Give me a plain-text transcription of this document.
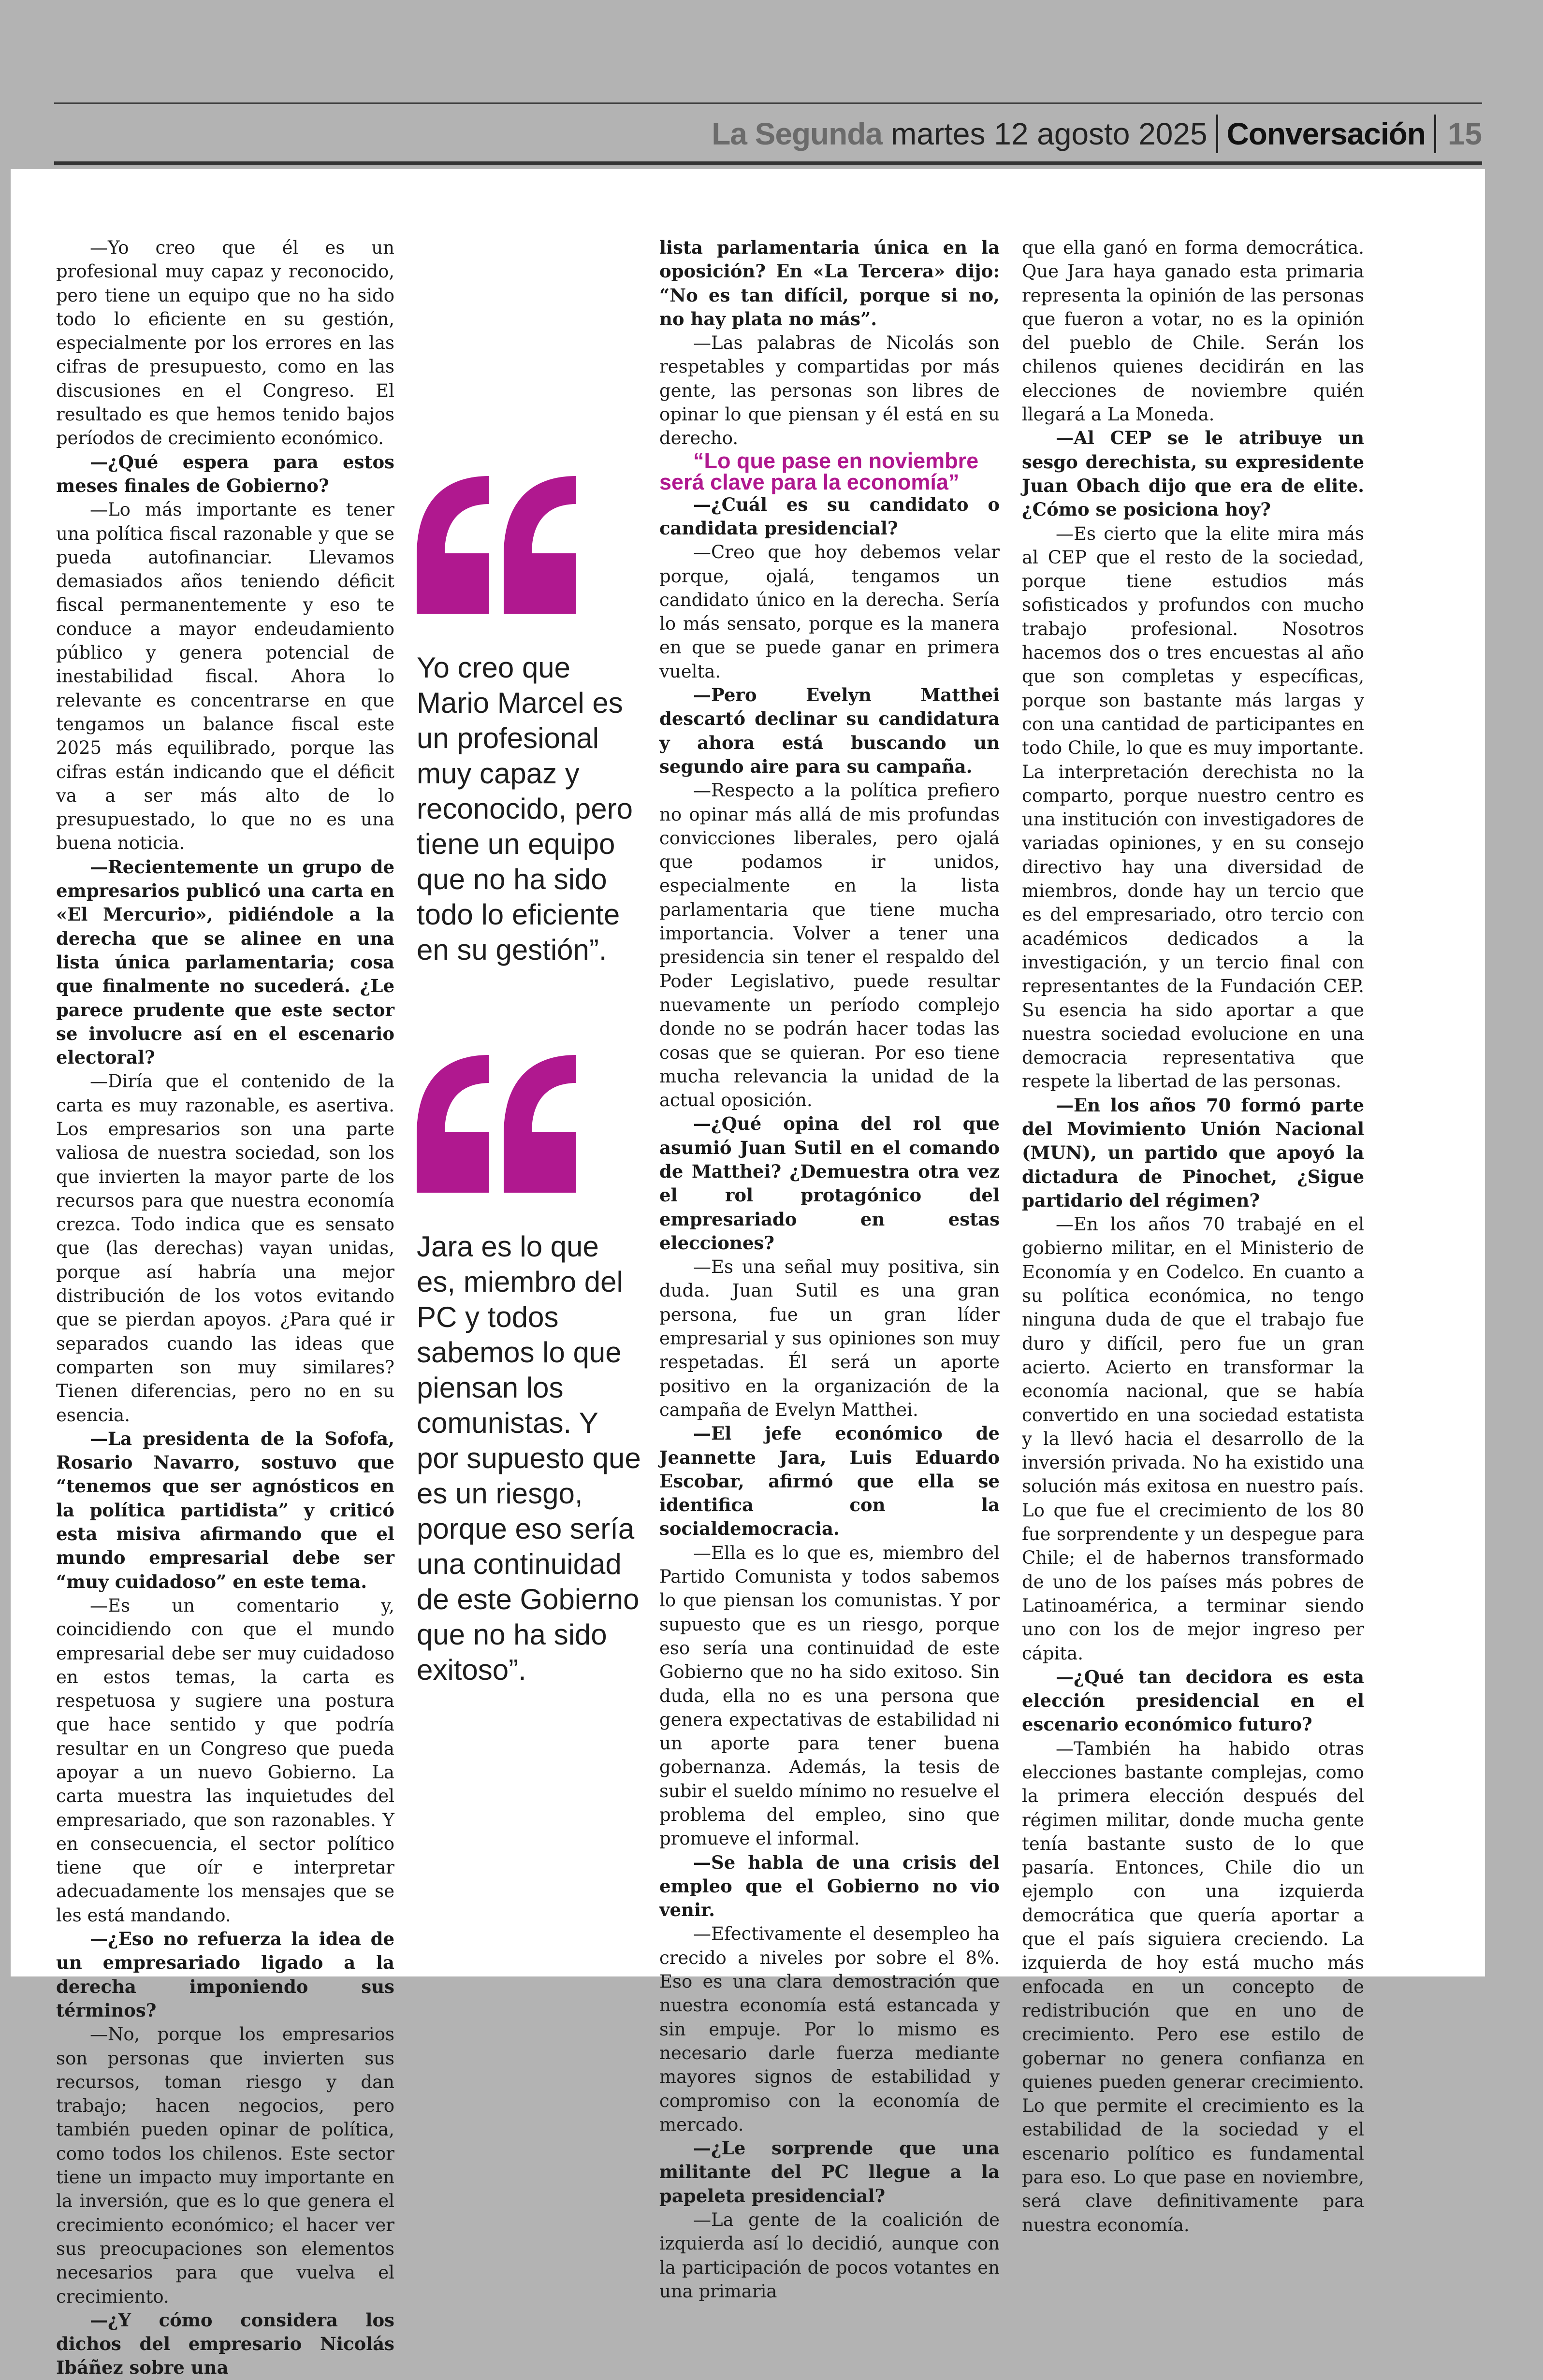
La Segunda martes 12 agosto 2025 Conversación 15

—Yo creo que él es un profesional muy capaz y reconocido, pero tiene un equipo que no ha sido todo lo eficiente en su gestión, especialmente por los errores en las cifras de presupuesto, como en las discusiones en el Congreso. El resultado es que hemos tenido bajos períodos de crecimiento económico.

—¿Qué espera para estos meses finales de Gobierno?

—Lo más importante es tener una política fiscal razonable y que se pueda autofinanciar. Llevamos demasiados años teniendo déficit fiscal permanentemente y eso te conduce a mayor endeudamiento público y genera potencial de inestabilidad fiscal. Ahora lo relevante es concentrarse en que tengamos un balance fiscal este 2025 más equilibrado, porque las cifras están indicando que el déficit va a ser más alto de lo presupuestado, lo que no es una buena noticia.

—Recientemente un grupo de empresarios publicó una carta en «El Mercurio», pidiéndole a la derecha que se alinee en una lista única parlamentaria; cosa que finalmente no sucederá. ¿Le parece prudente que este sector se involucre así en el escenario electoral?

—Diría que el contenido de la carta es muy razonable, es asertiva. Los empresarios son una parte valiosa de nuestra sociedad, son los que invierten la mayor parte de los recursos para que nuestra economía crezca. Todo indica que es sensato que (las derechas) vayan unidas, porque así habría una mejor distribución de los votos evitando que se pierdan apoyos. ¿Para qué ir separados cuando las ideas que comparten son muy similares? Tienen diferencias, pero no en su esencia.

—La presidenta de la Sofofa, Rosario Navarro, sostuvo que “tenemos que ser agnósticos en la política partidista” y criticó esta misiva afirmando que el mundo empresarial debe ser “muy cuidadoso” en este tema.

—Es un comentario y, coincidiendo con que el mundo empresarial debe ser muy cuidadoso en estos temas, la carta es respetuosa y sugiere una postura que hace sentido y que podría resultar en un Congreso que pueda apoyar a un nuevo Gobierno. La carta muestra las inquietudes del empresariado, que son razonables. Y en consecuencia, el sector político tiene que oír e interpretar adecuadamente los mensajes que se les está mandando.

—¿Eso no refuerza la idea de un empresariado ligado a la derecha imponiendo sus términos?

—No, porque los empresarios son personas que invierten sus recursos, toman riesgo y dan trabajo; hacen negocios, pero también pueden opinar de política, como todos los chilenos. Este sector tiene un impacto muy importante en la inversión, que es lo que genera el crecimiento económico; el hacer ver sus preocupaciones son elementos necesarios para que vuelva el crecimiento.

—¿Y cómo considera los dichos del empresario Nicolás Ibáñez sobre una

lista parlamentaria única en la oposición? En «La Tercera» dijo: “No es tan difícil, porque si no, no hay plata no más”.

—Las palabras de Nicolás son respetables y compartidas por más gente, las personas son libres de opinar lo que piensan y él está en su derecho.

“Lo que pase en noviembre será clave para la economía”

—¿Cuál es su candidato o candidata presidencial?

—Creo que hoy debemos velar porque, ojalá, tengamos un candidato único en la derecha. Sería lo más sensato, porque es la manera en que se puede ganar en primera vuelta.

—Pero Evelyn Matthei descartó declinar su candidatura y ahora está buscando un segundo aire para su campaña.

—Respecto a la política prefiero no opinar más allá de mis profundas convicciones liberales, pero ojalá que podamos ir unidos, especialmente en la lista parlamentaria que tiene mucha importancia. Volver a tener una presidencia sin tener el respaldo del Poder Legislativo, puede resultar nuevamente un período complejo donde no se podrán hacer todas las cosas que se quieran. Por eso tiene mucha relevancia la unidad de la actual oposición.

—¿Qué opina del rol que asumió Juan Sutil en el comando de Matthei? ¿Demuestra otra vez el rol protagónico del empresariado en estas elecciones?

—Es una señal muy positiva, sin duda. Juan Sutil es una gran persona, fue un gran líder empresarial y sus opiniones son muy respetadas. Él será un aporte positivo en la organización de la campaña de Evelyn Matthei.

—El jefe económico de Jeannette Jara, Luis Eduardo Escobar, afirmó que ella se identifica con la socialdemocracia.

—Ella es lo que es, miembro del Partido Comunista y todos sabemos lo que piensan los comunistas. Y por supuesto que es un riesgo, porque eso sería una continuidad de este Gobierno que no ha sido exitoso. Sin duda, ella no es una persona que genera expectativas de estabilidad ni un aporte para tener buena gobernanza. Además, la tesis de subir el sueldo mínimo no resuelve el problema del empleo, sino que promueve el informal.

—Se habla de una crisis del empleo que el Gobierno no vio venir.

—Efectivamente el desempleo ha crecido a niveles por sobre el 8%. Eso es una clara demostración que nuestra economía está estancada y sin empuje. Por lo mismo es necesario darle fuerza mediante mayores signos de estabilidad y compromiso con la economía de mercado.

—¿Le sorprende que una militante del PC llegue a la papeleta presidencial?

—La gente de la coalición de izquierda así lo decidió, aunque con la participación de pocos votantes en una primaria

que ella ganó en forma democrática. Que Jara haya ganado esta primaria representa la opinión de las personas que fueron a votar, no es la opinión del pueblo de Chile. Serán los chilenos quienes decidirán en las elecciones de noviembre quién llegará a La Moneda.

—Al CEP se le atribuye un sesgo derechista, su expresidente Juan Obach dijo que era de elite. ¿Cómo se posiciona hoy?

—Es cierto que la elite mira más al CEP que el resto de la sociedad, porque tiene estudios más sofisticados y profundos con mucho trabajo profesional. Nosotros hacemos dos o tres encuestas al año que son completas y específicas, porque son bastante más largas y con una cantidad de participantes en todo Chile, lo que es muy importante. La interpretación derechista no la comparto, porque nuestro centro es una institución con investigadores de variadas opiniones, y en su consejo directivo hay una diversidad de miembros, donde hay un tercio que es del empresariado, otro tercio con académicos dedicados a la investigación, y un tercio final con representantes de la Fundación CEP. Su esencia ha sido aportar a que nuestra sociedad evolucione en una democracia representativa que respete la libertad de las personas.

—En los años 70 formó parte del Movimiento Unión Nacional (MUN), un partido que apoyó la dictadura de Pinochet, ¿Sigue partidario del régimen?

—En los años 70 trabajé en el gobierno militar, en el Ministerio de Economía y en Codelco. En cuanto a su política económica, no tengo ninguna duda de que el trabajo fue duro y difícil, pero fue un gran acierto. Acierto en transformar la economía nacional, que se había convertido en una sociedad estatista y la llevó hacia el desarrollo de la inversión privada. No ha existido una solución más exitosa en nuestro país. Lo que fue el crecimiento de los 80 fue sorprendente y un despegue para Chile; el de habernos transformado de uno de los países más pobres de Latinoamérica, a terminar siendo uno con los de mejor ingreso per cápita.

—¿Qué tan decidora es esta elección presidencial en el escenario económico futuro?

—También ha habido otras elecciones bastante complejas, como la primera elección después del régimen militar, donde mucha gente tenía bastante susto de lo que pasaría. Entonces, Chile dio un ejemplo con una izquierda democrática que quería aportar a que el país siguiera creciendo. La izquierda de hoy está mucho más enfocada en un concepto de redistribución que en uno de crecimiento. Pero ese estilo de gobernar no genera confianza en quienes pueden generar crecimiento. Lo que permite el crecimiento es la estabilidad de la sociedad y el escenario político es fundamental para eso. Lo que pase en noviembre, será clave definitivamente para nuestra economía.

Yo creo que Mario Marcel es un profesional muy capaz y reconocido, pero tiene un equipo que no ha sido todo lo eficiente en su gestión”.
Jara es lo que es, miembro del PC y todos sabemos lo que piensan los comunistas. Y por supuesto que es un riesgo, porque eso sería una continuidad de este Gobierno que no ha sido exitoso”.
